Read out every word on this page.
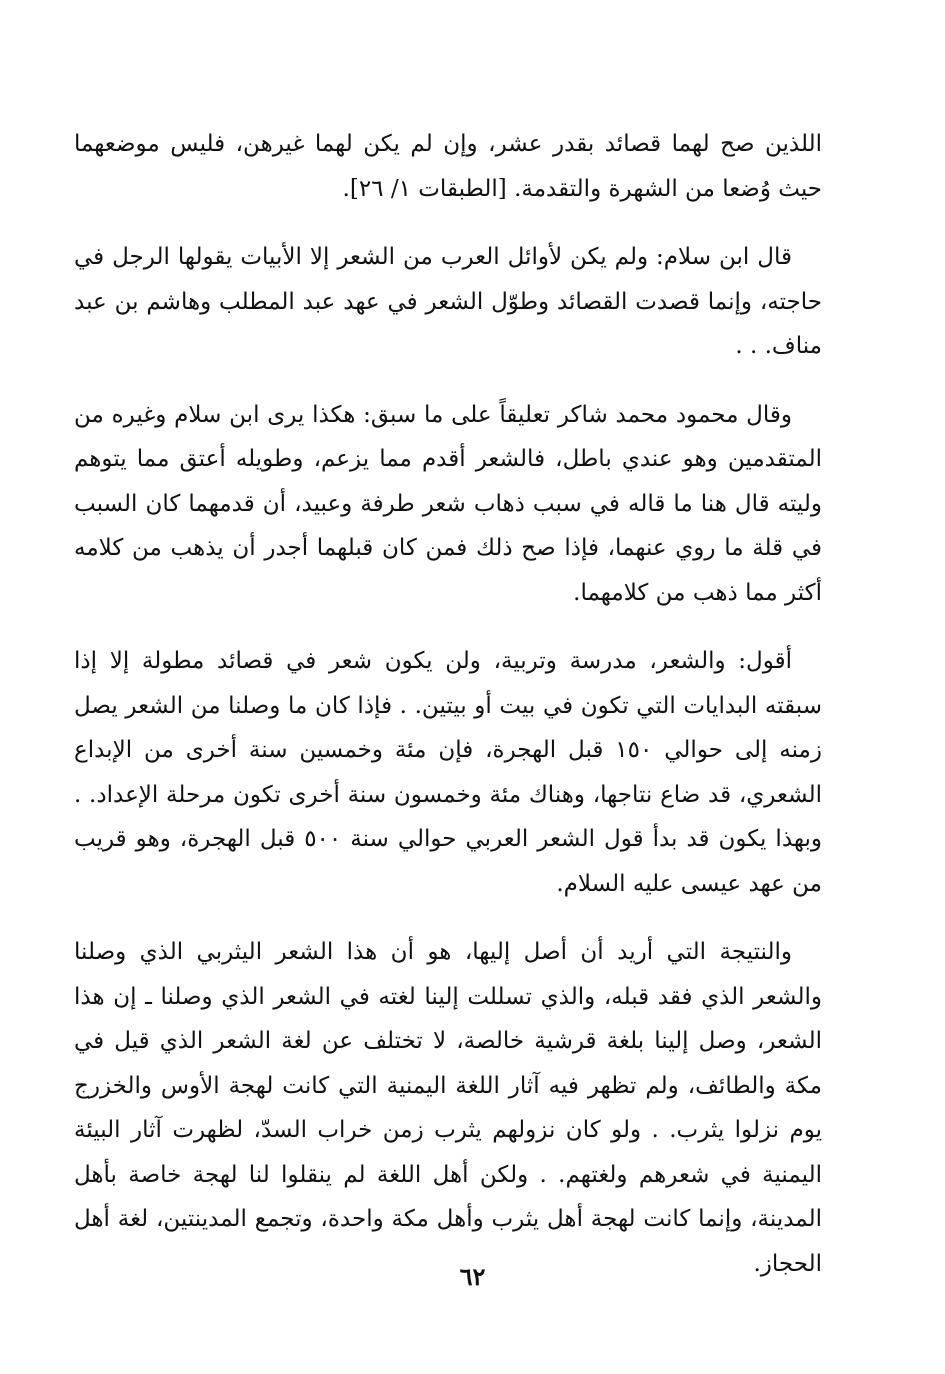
اللذين صح لهما قصائد بقدر عشر، وإن لم يكن لهما غيرهن، فليس موضعهما حيث وُضعا من الشهرة والتقدمة. [الطبقات ١/ ٢٦].

قال ابن سلام: ولم يكن لأوائل العرب من الشعر إلا الأبيات يقولها الرجل في حاجته، وإنما قصدت القصائد وطوّل الشعر في عهد عبد المطلب وهاشم بن عبد مناف. . .

وقال محمود محمد شاكر تعليقاً على ما سبق: هكذا يرى ابن سلام وغيره من المتقدمين وهو عندي باطل، فالشعر أقدم مما يزعم، وطويله أعتق مما يتوهم وليته قال هنا ما قاله في سبب ذهاب شعر طرفة وعبيد، أن قدمهما كان السبب في قلة ما روي عنهما، فإذا صح ذلك فمن كان قبلهما أجدر أن يذهب من كلامه أكثر مما ذهب من كلامهما.

أقول: والشعر، مدرسة وتربية، ولن يكون شعر في قصائد مطولة إلا إذا سبقته البدايات التي تكون في بيت أو بيتين. . فإذا كان ما وصلنا من الشعر يصل زمنه إلى حوالي ١٥٠ قبل الهجرة، فإن مئة وخمسين سنة أخرى من الإبداع الشعري، قد ضاع نتاجها، وهناك مئة وخمسون سنة أخرى تكون مرحلة الإعداد. . وبهذا يكون قد بدأ قول الشعر العربي حوالي سنة ٥٠٠ قبل الهجرة، وهو قريب من عهد عيسى عليه السلام.

والنتيجة التي أريد أن أصل إليها، هو أن هذا الشعر اليثربي الذي وصلنا والشعر الذي فقد قبله، والذي تسللت إلينا لغته في الشعر الذي وصلنا ـ إن هذا الشعر، وصل إلينا بلغة قرشية خالصة، لا تختلف عن لغة الشعر الذي قيل في مكة والطائف، ولم تظهر فيه آثار اللغة اليمنية التي كانت لهجة الأوس والخزرج يوم نزلوا يثرب. . ولو كان نزولهم يثرب زمن خراب السدّ، لظهرت آثار البيئة اليمنية في شعرهم ولغتهم. . ولكن أهل اللغة لم ينقلوا لنا لهجة خاصة بأهل المدينة، وإنما كانت لهجة أهل يثرب وأهل مكة واحدة، وتجمع المدينتين، لغة أهل الحجاز.

٦٢
